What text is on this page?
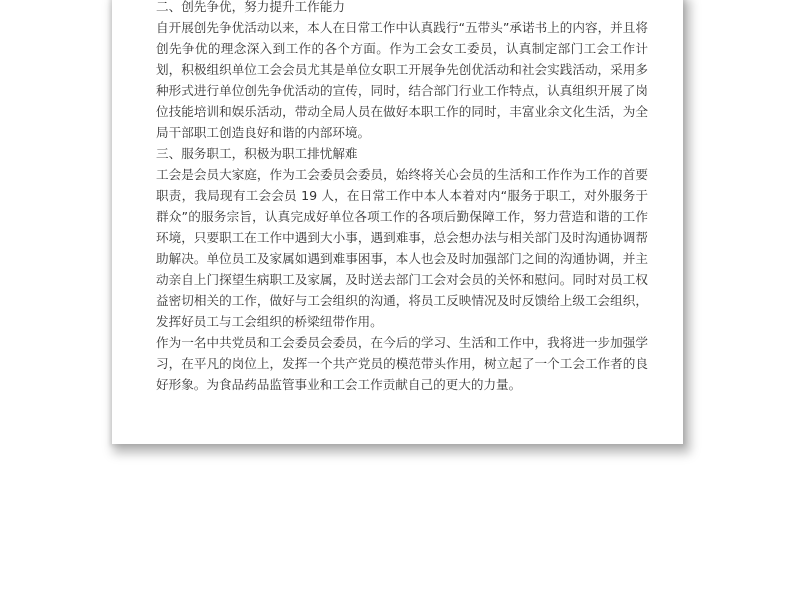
二、创先争优，努力提升工作能力
自开展创先争优活动以来，本人在日常工作中认真践行“五带头”承诺书上的内容，并且将创先争优的理念深入到工作的各个方面。作为工会女工委员，认真制定部门工会工作计划，积极组织单位工会会员尤其是单位女职工开展争先创优活动和社会实践活动，采用多种形式进行单位创先争优活动的宣传，同时，结合部门行业工作特点，认真组织开展了岗位技能培训和娱乐活动，带动全局人员在做好本职工作的同时，丰富业余文化生活，为全局干部职工创造良好和谐的内部环境。
三、服务职工，积极为职工排忧解难
工会是会员大家庭，作为工会委员会委员，始终将关心会员的生活和工作作为工作的首要职责，我局现有工会会员 19 人，在日常工作中本人本着对内“服务于职工，对外服务于群众”的服务宗旨，认真完成好单位各项工作的各项后勤保障工作，努力营造和谐的工作环境，只要职工在工作中遇到大小事，遇到难事，总会想办法与相关部门及时沟通协调帮助解决。单位员工及家属如遇到难事困事，本人也会及时加强部门之间的沟通协调，并主动亲自上门探望生病职工及家属，及时送去部门工会对会员的关怀和慰问。同时对员工权益密切相关的工作，做好与工会组织的沟通，将员工反映情况及时反馈给上级工会组织，发挥好员工与工会组织的桥梁纽带作用。
作为一名中共党员和工会委员会委员，在今后的学习、生活和工作中，我将进一步加强学习，在平凡的岗位上，发挥一个共产党员的模范带头作用，树立起了一个工会工作者的良好形象。为食品药品监管事业和工会工作贡献自己的更大的力量。
